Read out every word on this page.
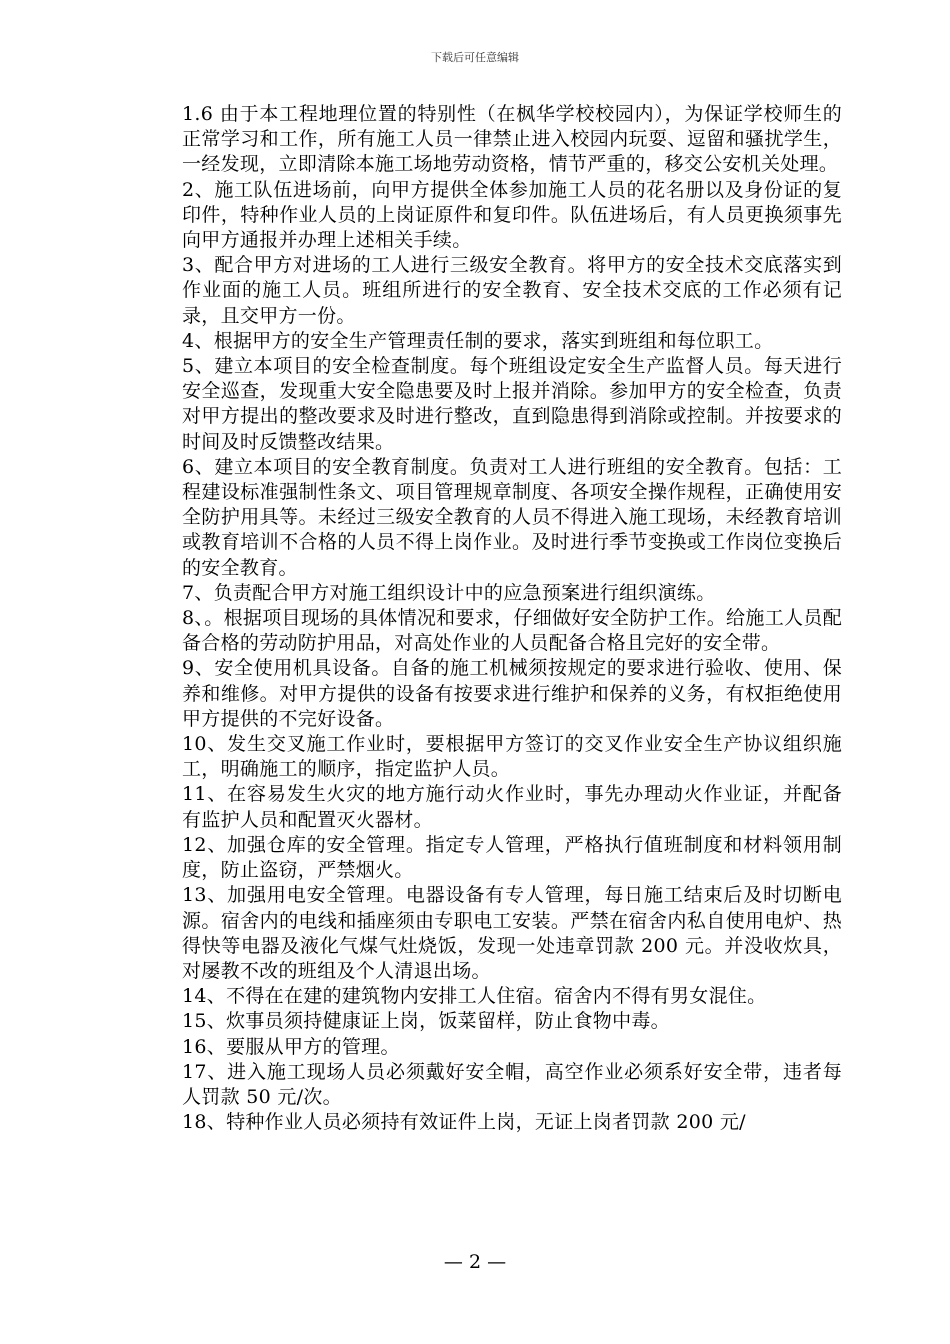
下载后可任意编辑

1.6 由于本工程地理位置的特别性（在枫华学校校园内），为保证学校师生的正常学习和工作，所有施工人员一律禁止进入校园内玩耍、逗留和骚扰学生，一经发现，立即清除本施工场地劳动资格，情节严重的，移交公安机关处理。

2、施工队伍进场前，向甲方提供全体参加施工人员的花名册以及身份证的复印件，特种作业人员的上岗证原件和复印件。队伍进场后，有人员更换须事先向甲方通报并办理上述相关手续。

3、配合甲方对进场的工人进行三级安全教育。将甲方的安全技术交底落实到作业面的施工人员。班组所进行的安全教育、安全技术交底的工作必须有记录，且交甲方一份。

4、根据甲方的安全生产管理责任制的要求，落实到班组和每位职工。

5、建立本项目的安全检查制度。每个班组设定安全生产监督人员。每天进行安全巡查，发现重大安全隐患要及时上报并消除。参加甲方的安全检查，负责对甲方提出的整改要求及时进行整改，直到隐患得到消除或控制。并按要求的时间及时反馈整改结果。

6、建立本项目的安全教育制度。负责对工人进行班组的安全教育。包括：工程建设标准强制性条文、项目管理规章制度、各项安全操作规程，正确使用安全防护用具等。未经过三级安全教育的人员不得进入施工现场，未经教育培训或教育培训不合格的人员不得上岗作业。及时进行季节变换或工作岗位变换后的安全教育。

7、负责配合甲方对施工组织设计中的应急预案进行组织演练。

8、。根据项目现场的具体情况和要求，仔细做好安全防护工作。给施工人员配备合格的劳动防护用品，对高处作业的人员配备合格且完好的安全带。

9、安全使用机具设备。自备的施工机械须按规定的要求进行验收、使用、保养和维修。对甲方提供的设备有按要求进行维护和保养的义务，有权拒绝使用甲方提供的不完好设备。

10、发生交叉施工作业时，要根据甲方签订的交叉作业安全生产协议组织施工，明确施工的顺序，指定监护人员。

11、在容易发生火灾的地方施行动火作业时，事先办理动火作业证，并配备有监护人员和配置灭火器材。

12、加强仓库的安全管理。指定专人管理，严格执行值班制度和材料领用制度，防止盗窃，严禁烟火。

13、加强用电安全管理。电器设备有专人管理，每日施工结束后及时切断电源。宿舍内的电线和插座须由专职电工安装。严禁在宿舍内私自使用电炉、热得快等电器及液化气煤气灶烧饭，发现一处违章罚款 200 元。并没收炊具，对屡教不改的班组及个人清退出场。

14、不得在在建的建筑物内安排工人住宿。宿舍内不得有男女混住。

15、炊事员须持健康证上岗，饭菜留样，防止食物中毒。

16、要服从甲方的管理。

17、进入施工现场人员必须戴好安全帽，高空作业必须系好安全带，违者每人罚款 50 元/次。

18、特种作业人员必须持有效证件上岗，无证上岗者罚款 200 元/

— 2 —
